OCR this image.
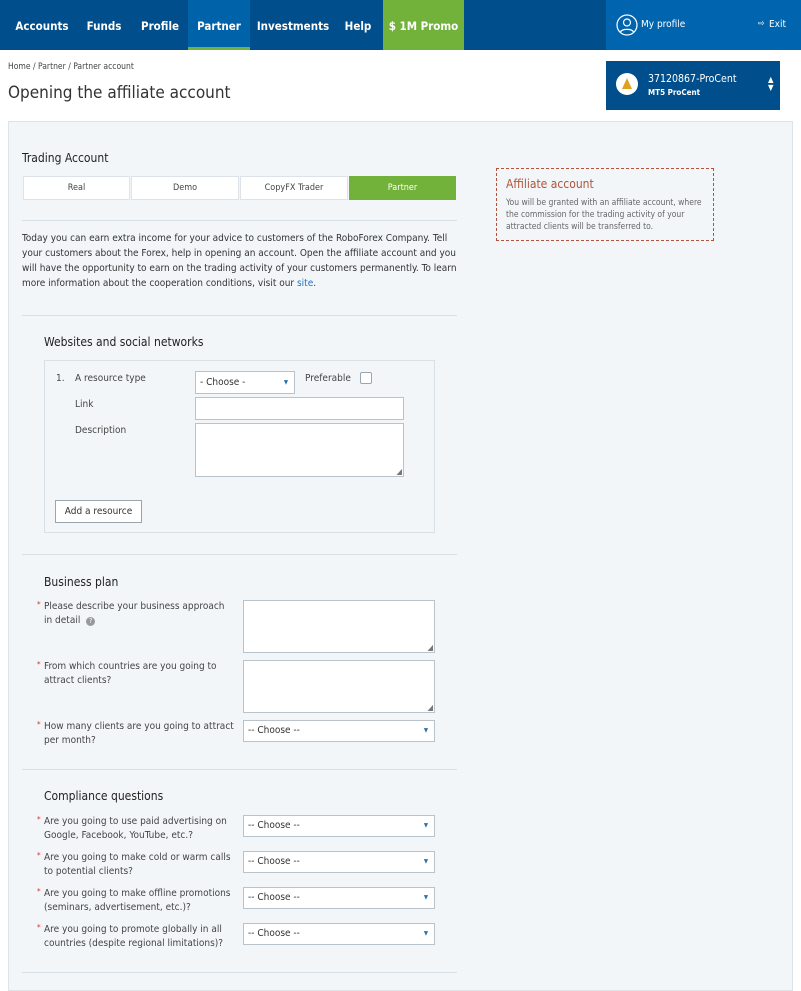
Accounts	Funds	Profile	Partner	Investments	Help	$ 1M Promo	My profile	⇨ Exit
37120867-ProCent
MT5 ProCent
▲
▼
Home / Partner / Partner account
Opening the affiliate account
Trading Account
Real	Demo	CopyFX Trader	Partner

Today you can earn extra income for your advice to customers of the RoboForex Company. Tell your customers about the Forex, help in opening an account. Open the affiliate account and you will have the opportunity to earn on the trading activity of your customers permanently. To learn more information about the cooperation conditions, visit our site.

Affiliate account
You will be granted with an affiliate account, where the commission for the trading activity of your attracted clients will be transferred to.
Websites and social networks
1. A resource type	- Choose -	▼ Preferable
Link
Description
◢
Add a resource
Business plan
* Please describe your business approach in detail ?
◢
* From which countries are you going to attract clients?
◢
* How many clients are you going to attract per month?
-- Choose --	▼
Compliance questions
* Are you going to use paid advertising on Google, Facebook, YouTube, etc.?
-- Choose --	▼
* Are you going to make cold or warm calls to potential clients?
-- Choose --	▼
* Are you going to make offline promotions (seminars, advertisement, etc.)?
-- Choose --	▼
* Are you going to promote globally in all countries (despite regional limitations)?
-- Choose --	▼
